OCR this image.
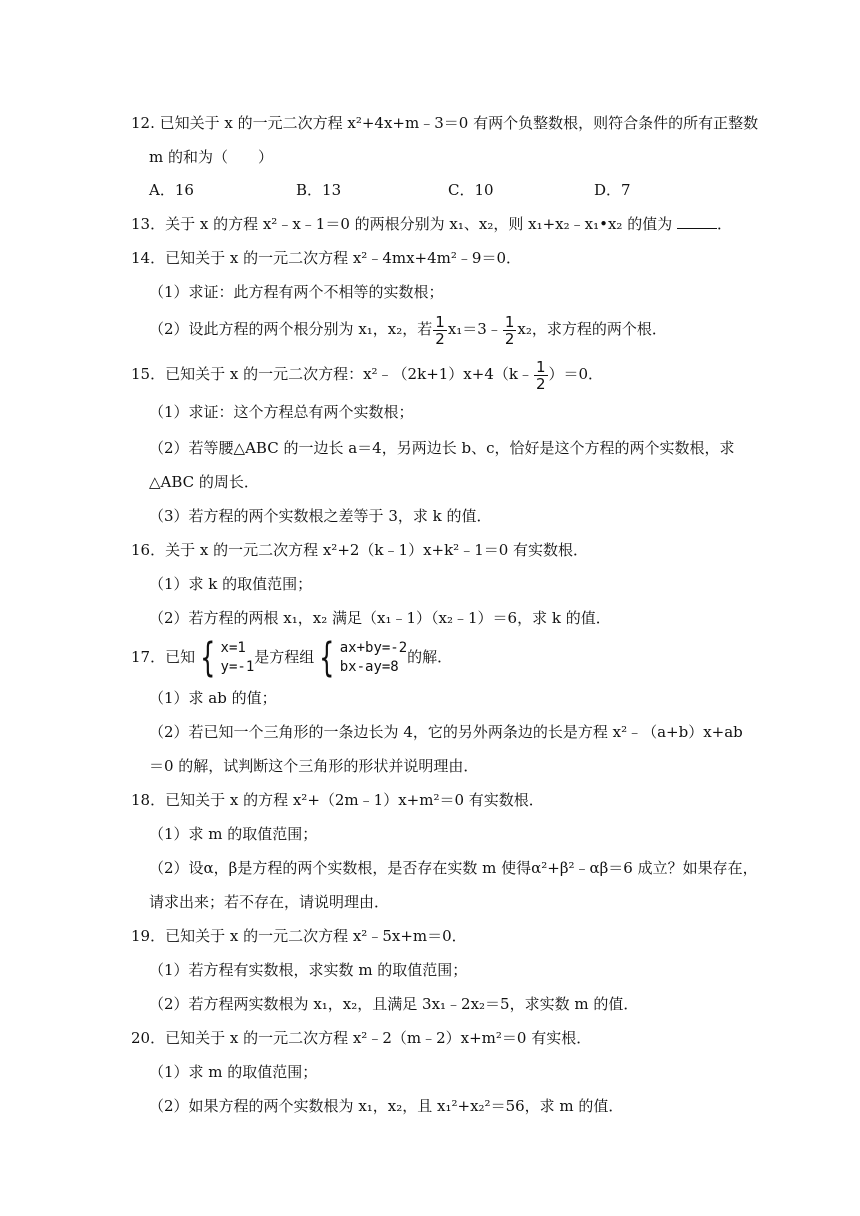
12. 已知关于 x 的一元二次方程 x²+4x+m﹣3＝0 有两个负整数根，则符合条件的所有正整数
m 的和为（　　）
A．16	B．13	C．10	D．7
13．关于 x 的方程 x²﹣x﹣1＝0 的两根分别为 x₁、x₂，则 x₁+x₂﹣x₁•x₂ 的值为	．
14．已知关于 x 的一元二次方程 x²﹣4mx+4m²﹣9＝0．
（1）求证：此方程有两个不相等的实数根；
（2）设此方程的两个根分别为 x₁，x₂，若 $\frac{1}{2}$ x₁＝3﹣ $\frac{1}{2} x_2$，求方程的两个根．
15．已知关于 x 的一元二次方程：x²﹣（2k+1）x+4（k﹣ $\frac{1}{2} )=0$．
（1）求证：这个方程总有两个实数根；
（2）若等腰△ABC 的一边长 a＝4，另两边长 b、c，恰好是这个方程的两个实数根，求
△ABC 的周长．
（3）若方程的两个实数根之差等于 3，求 k 的值．
16．关于 x 的一元二次方程 x²+2（k﹣1）x+k²﹣1＝0 有实数根．
（1）求 k 的取值范围；
（2）若方程的两根 x₁，x₂ 满足（x₁﹣1）（x₂﹣1）＝6，求 k 的值．
17．已知 { x=1
y=-1
是方程组 { ax+by=-2
bx-ay=8
的解．
（1）求 ab 的值；
（2）若已知一个三角形的一条边长为 4，它的另外两条边的长是方程 x²﹣（a+b）x+ab
＝0 的解，试判断这个三角形的形状并说明理由．
18．已知关于 x 的方程 x²+（2m﹣1）x+m²＝0 有实数根．
（1）求 m 的取值范围；
（2）设α，β是方程的两个实数根，是否存在实数 m 使得α²+β²﹣αβ＝6 成立？如果存在，
请求出来；若不存在，请说明理由．
19．已知关于 x 的一元二次方程 x²﹣5x+m＝0．
（1）若方程有实数根，求实数 m 的取值范围；
（2）若方程两实数根为 x₁，x₂，且满足 3x₁﹣2x₂＝5，求实数 m 的值．
20．已知关于 x 的一元二次方程 x²﹣2（m﹣2）x+m²＝0 有实根．
（1）求 m 的取值范围；
（2）如果方程的两个实数根为 x₁，x₂，且 x₁²+x₂²＝56，求 m 的值．
